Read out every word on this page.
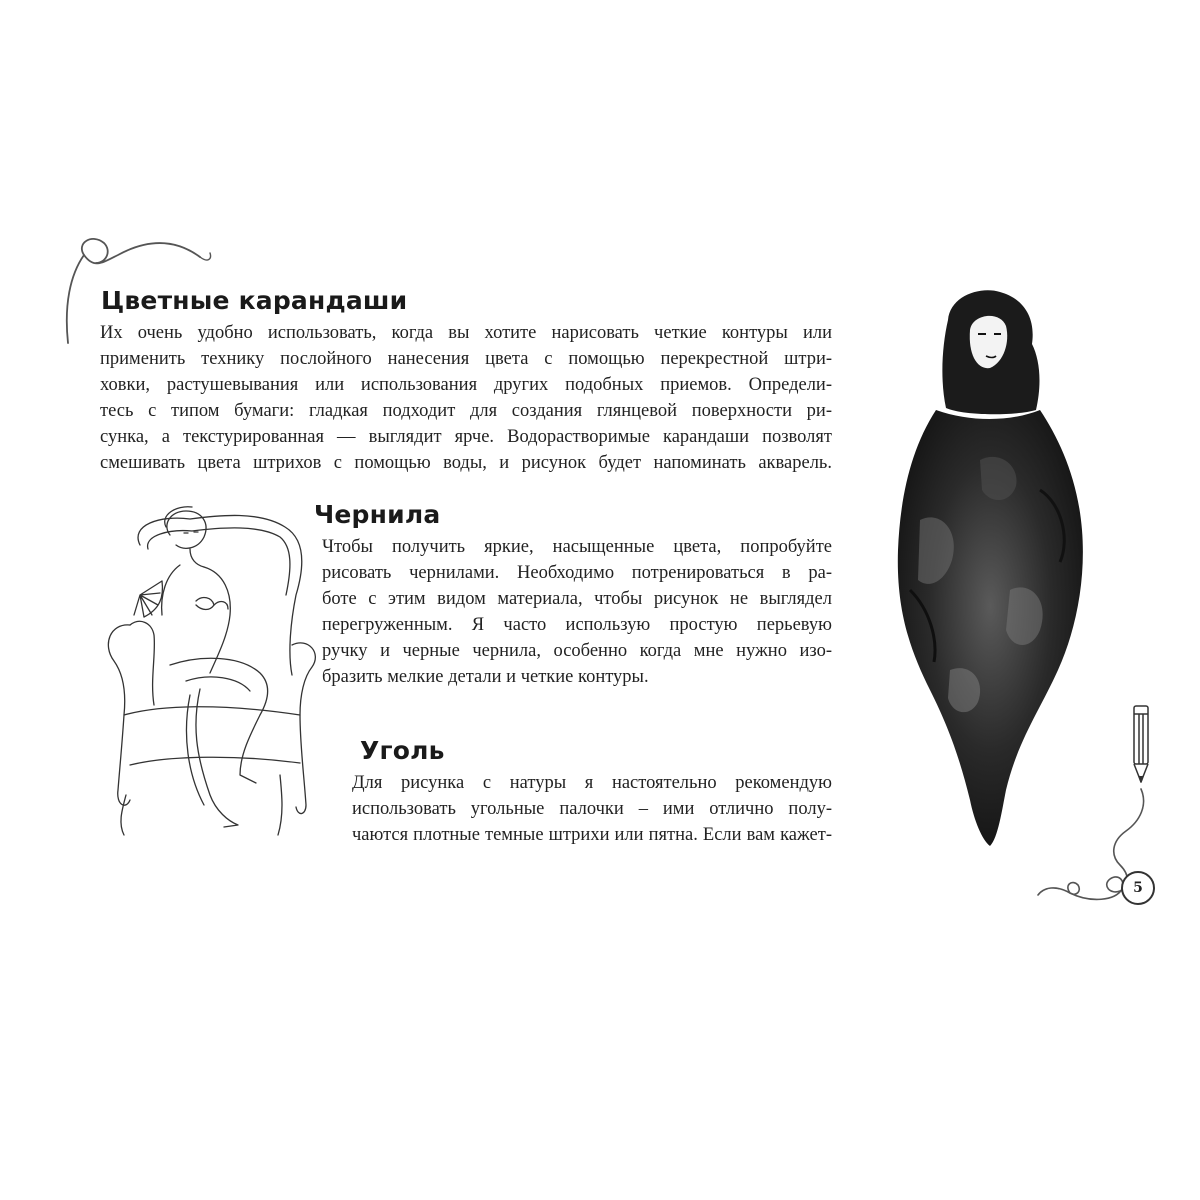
Цветные карандаши
Их очень удобно использовать, когда вы хотите нарисовать четкие контуры или
применить технику послойного нанесения цвета с помощью перекрестной штри-
ховки, растушевывания или использования других подобных приемов. Определи-
тесь с типом бумаги: гладкая подходит для создания глянцевой поверхности ри-
сунка, а текстурированная — выглядит ярче. Водорастворимые карандаши позволят
смешивать цвета штрихов с помощью воды, и рисунок будет напоминать акварель.
Чернила
Чтобы получить яркие, насыщенные цвета, попробуйте
рисовать чернилами. Необходимо потренироваться в ра-
боте с этим видом материала, чтобы рисунок не выглядел
перегруженным. Я часто использую простую перьевую
ручку и черные чернила, особенно когда мне нужно изо-
бразить мелкие детали и четкие контуры.
Уголь
Для рисунка с натуры я настоятельно рекомендую
использовать угольные палочки – ими отлично полу-
чаются плотные темные штрихи или пятна. Если вам кажет-
5
